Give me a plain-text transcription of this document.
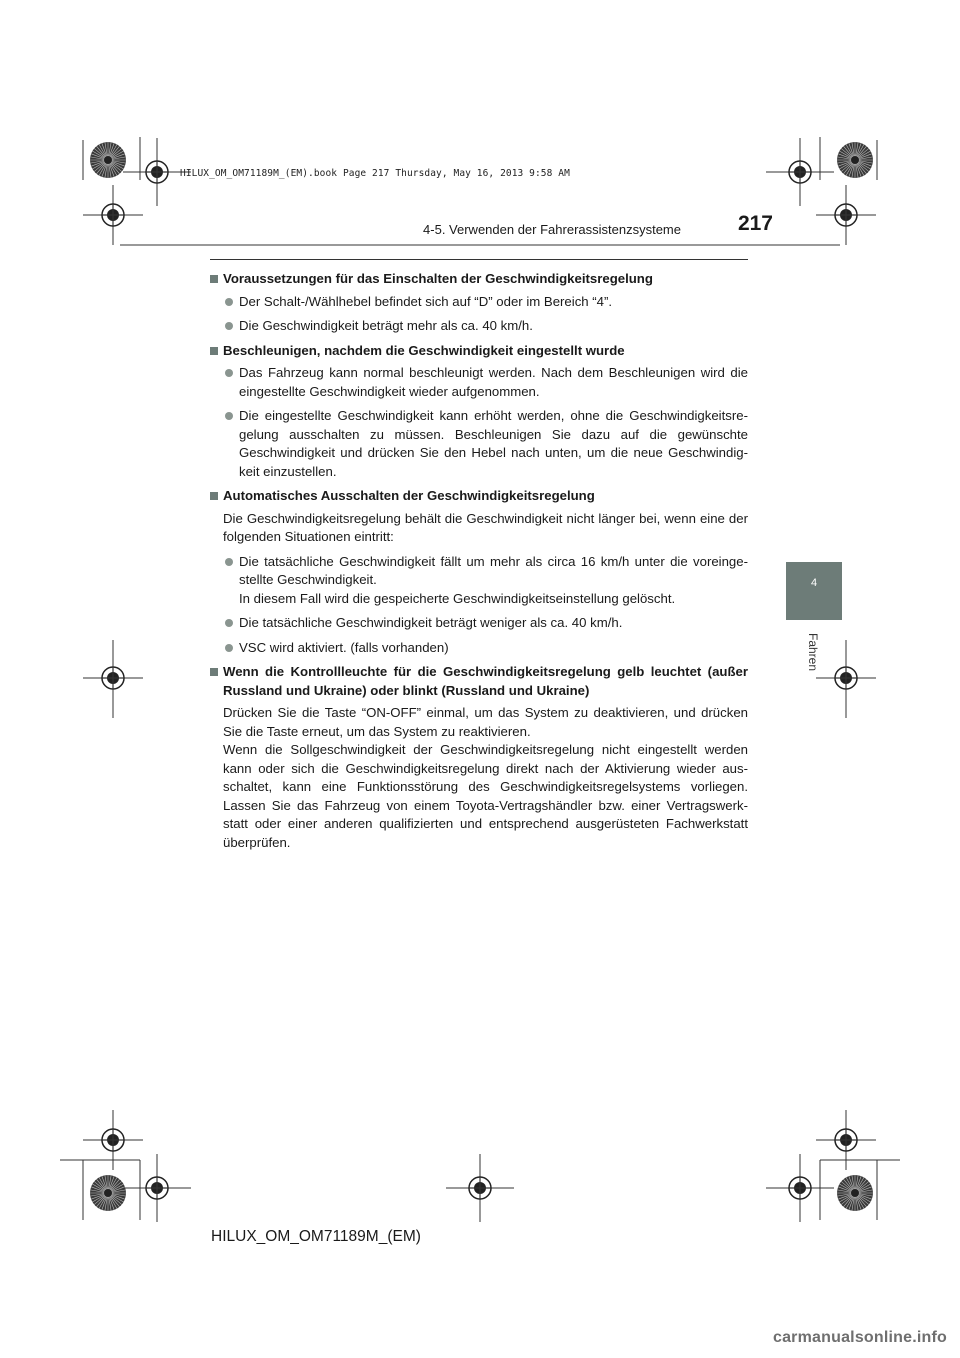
HILUX_OM_OM71189M_(EM).book Page 217 Thursday, May 16, 2013 9:58 AM
217
4-5. Verwenden der Fahrerassistenzsysteme
4
Fahren
Voraussetzungen für das Einschalten der Geschwindigkeitsregelung
Der Schalt-/Wählhebel befindet sich auf “D” oder im Bereich “4”.
Die Geschwindigkeit beträgt mehr als ca. 40 km/h.
Beschleunigen, nachdem die Geschwindigkeit eingestellt wurde
Das Fahrzeug kann normal beschleunigt werden. Nach dem Beschleunigen wird die eingestellte Geschwindigkeit wieder aufgenommen.
Die eingestellte Geschwindigkeit kann erhöht werden, ohne die Geschwindigkeitsre-gelung ausschalten zu müssen. Beschleunigen Sie dazu auf die gewünschte Geschwindigkeit und drücken Sie den Hebel nach unten, um die neue Geschwindig-keit einzustellen.
Automatisches Ausschalten der Geschwindigkeitsregelung
Die Geschwindigkeitsregelung behält die Geschwindigkeit nicht länger bei, wenn eine der folgenden Situationen eintritt:
Die tatsächliche Geschwindigkeit fällt um mehr als circa 16 km/h unter die voreinge-stellte Geschwindigkeit.
In diesem Fall wird die gespeicherte Geschwindigkeitseinstellung gelöscht.
Die tatsächliche Geschwindigkeit beträgt weniger als ca. 40 km/h.
VSC wird aktiviert. (falls vorhanden)
Wenn die Kontrollleuchte für die Geschwindigkeitsregelung gelb leuchtet (außer Russland und Ukraine) oder blinkt (Russland und Ukraine)
Drücken Sie die Taste “ON-OFF” einmal, um das System zu deaktivieren, und drücken Sie die Taste erneut, um das System zu reaktivieren.
Wenn die Sollgeschwindigkeit der Geschwindigkeitsregelung nicht eingestellt werden kann oder sich die Geschwindigkeitsregelung direkt nach der Aktivierung wieder aus-schaltet, kann eine Funktionsstörung des Geschwindigkeitsregelsystems vorliegen. Lassen Sie das Fahrzeug von einem Toyota-Vertragshändler bzw. einer Vertragswerk-statt oder einer anderen qualifizierten und entsprechend ausgerüsteten Fachwerkstatt überprüfen.
HILUX_OM_OM71189M_(EM)
carmanualsonline.info
